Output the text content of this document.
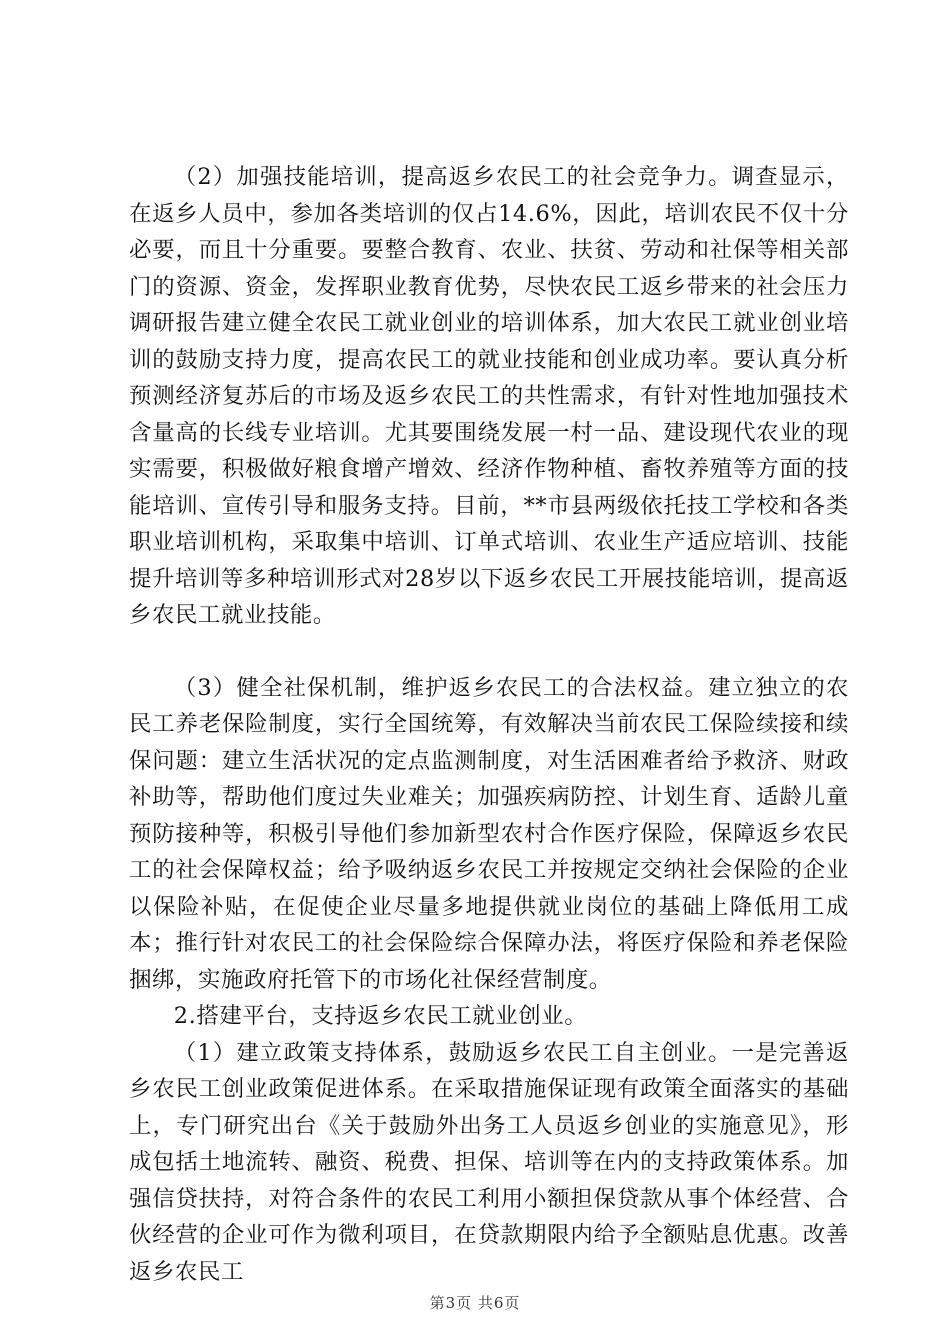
（2）加强技能培训，提高返乡农民工的社会竞争力。调查显示，在返乡人员中，参加各类培训的仅占14.6%，因此，培训农民不仅十分必要，而且十分重要。要整合教育、农业、扶贫、劳动和社保等相关部门的资源、资金，发挥职业教育优势，尽快农民工返乡带来的社会压力调研报告建立健全农民工就业创业的培训体系，加大农民工就业创业培训的鼓励支持力度，提高农民工的就业技能和创业成功率。要认真分析预测经济复苏后的市场及返乡农民工的共性需求，有针对性地加强技术含量高的长线专业培训。尤其要围绕发展一村一品、建设现代农业的现实需要，积极做好粮食增产增效、经济作物种植、畜牧养殖等方面的技能培训、宣传引导和服务支持。目前，**市县两级依托技工学校和各类职业培训机构，采取集中培训、订单式培训、农业生产适应培训、技能提升培训等多种培训形式对28岁以下返乡农民工开展技能培训，提高返乡农民工就业技能。

（3）健全社保机制，维护返乡农民工的合法权益。建立独立的农民工养老保险制度，实行全国统筹，有效解决当前农民工保险续接和续保问题：建立生活状况的定点监测制度，对生活困难者给予救济、财政补助等，帮助他们度过失业难关；加强疾病防控、计划生育、适龄儿童预防接种等，积极引导他们参加新型农村合作医疗保险，保障返乡农民工的社会保障权益；给予吸纳返乡农民工并按规定交纳社会保险的企业以保险补贴，在促使企业尽量多地提供就业岗位的基础上降低用工成本；推行针对农民工的社会保险综合保障办法，将医疗保险和养老保险捆绑，实施政府托管下的市场化社保经营制度。

2.搭建平台，支持返乡农民工就业创业。

（1）建立政策支持体系，鼓励返乡农民工自主创业。一是完善返乡农民工创业政策促进体系。在采取措施保证现有政策全面落实的基础上，专门研究出台《关于鼓励外出务工人员返乡创业的实施意见》，形成包括土地流转、融资、税费、担保、培训等在内的支持政策体系。加强信贷扶持，对符合条件的农民工利用小额担保贷款从事个体经营、合伙经营的企业可作为微利项目，在贷款期限内给予全额贴息优惠。改善返乡农民工

第3页 共6页
